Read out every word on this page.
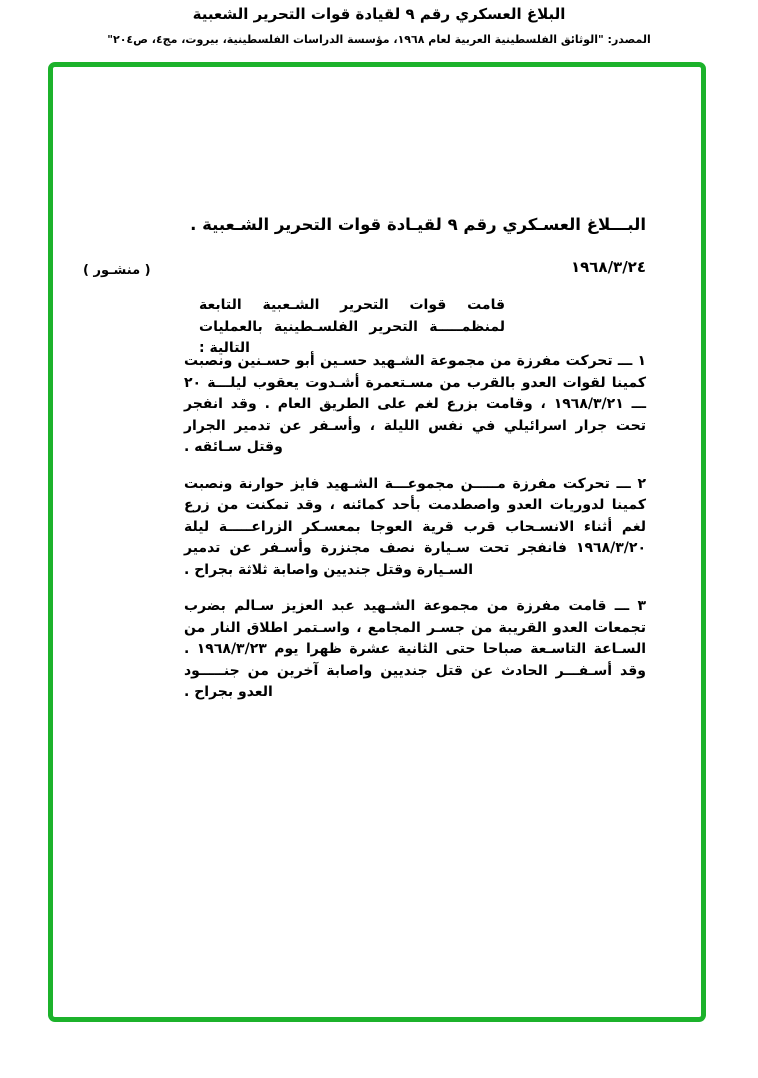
البلاغ العسكري رقم ٩ لقيادة قوات التحرير الشعبية
المصدر: "الوثائق الفلسطينية العربية لعام ١٩٦٨، مؤسسة الدراسات الفلسطينية، بيروت، مج٤، ص٢٠٤"
البـــلاغ العسـكري رقم ٩ لقيـادة قوات التحرير الشـعبية .
١٩٦٨/٣/٢٤
( منشـور )
قامت قوات التحرير الشـعبية التابعة لمنظمـــــة التحرير الفلسـطينية بالعمليات التالية :

١ ـــ تحركت مفرزة من مجموعة الشـهيد حسـين أبو حسـنين ونصبت كمينا لقوات العدو بالقرب من مسـتعمرة أشـدوت يعقوب ليلـــة ٢٠ ـــ ١٩٦٨/٣/٢١ ، وقامت بزرع لغم على الطريق العام . وقد انفجر تحت جرار اسرائيلي في نفس الليلة ، وأسـفر عن تدمير الجرار وقتل سـائقه .

٢ ـــ تحركت مفرزة مـــــن مجموعـــة الشـهيد فايز حوارنة ونصبت كمينا لدوريات العدو واصطدمت بأحد كمائنه ، وقد تمكنت من زرع لغم أثناء الانسـحاب قرب قرية العوجا بمعسـكر الزراعـــــة ليلة ١٩٦٨/٣/٢٠ فانفجر تحت سـيارة نصف مجنزرة وأسـفر عن تدمير السـيارة وقتل جنديين واصابة ثلاثة بجراح .

٣ ـــ قامت مفرزة من مجموعة الشـهيد عبد العزيز سـالم بضرب تجمعات العدو القريبة من جسـر المجامع ، واسـتمر اطلاق النار من السـاعة التاسـعة صباحا حتى الثانية عشرة ظهرا يوم ١٩٦٨/٣/٢٣ . وقد أسـفـــر الحادث عن قتل جنديين واصابة آخرين من جنـــــود العدو بجراح .
